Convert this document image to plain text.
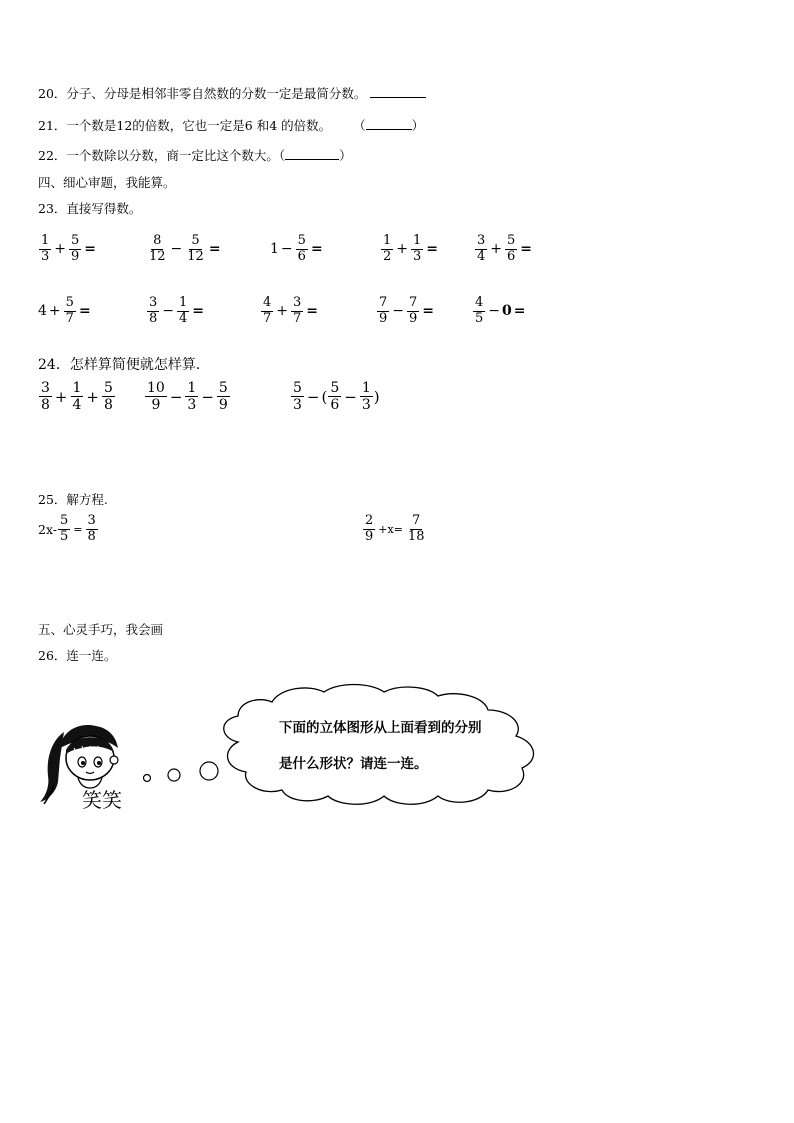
20．分子、分母是相邻非零自然数的分数一定是最简分数。
21．一个数是12的倍数，它也一定是6 和4 的倍数。 （	）
22．一个数除以分数，商一定比这个数大。（	）
四、细心审题，我能算。
23．直接写得数。
$\frac{1}{3} + \frac{5}{9}$ =	$\frac{8}{12} - \frac{5}{12}$ =	$1 - \frac{5}{6}$ =	$\frac{1}{2} + \frac{1}{3}$ =	$\frac{3}{4} + \frac{5}{6}$ =
$4 + \frac{5}{7}$ =	$\frac{3}{8} - \frac{1}{4}$ =	$\frac{4}{7} + \frac{3}{7}$ =	$\frac{7}{9} - \frac{7}{9}$ =	$\frac{4}{5} - 0$ =
24．怎样算简便就怎样算．
$\frac{3}{8} + \frac{1}{4} + \frac{5}{8} \frac{10}{9} - \frac{1}{3} - \frac{5}{9}$	$\frac{5}{3}$ − ( $\frac{5}{6} - \frac{1}{3}$ )
25．解方程.
$2x- \frac{5}{5} = \frac{3}{8}$	$\frac{2}{9} +x= \frac{7}{18}$
五、心灵手巧，我会画
26．连一连。
笑笑
下面的立体图形从上面看到的分别
是什么形状？请连一连。
